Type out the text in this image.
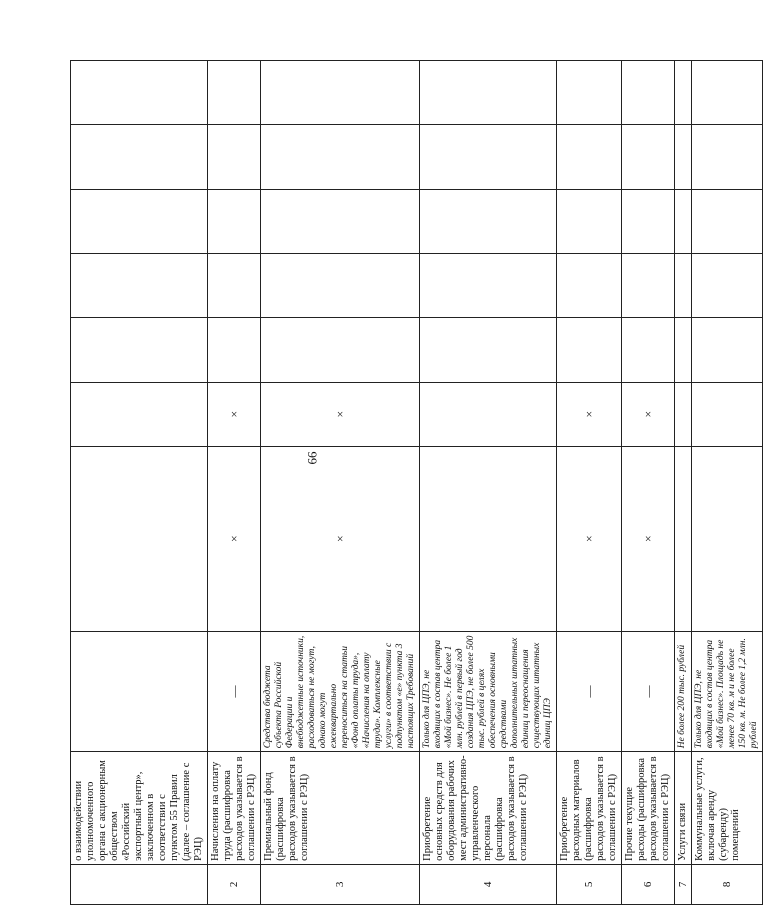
66
	о взаимодействии уполномоченного органа с акционерным обществом «Российский экспортный центр», заключенном в соответствии с пунктом 55 Правил (далее – соглашение с РЭЦ)								
2	Начисления на оплату труда (расшифровка расходов указывается в соглашении с РЭЦ)	—	×	×					
3	Премиальный фонд (расшифровка расходов указывается в соглашении с РЭЦ)	Средства бюджета субъекта Российской Федерации и внебюджетные источники, расходоваться не могут, однако могут ежеквартально переноситься на статьи «Фонд оплаты труда», «Начисления на оплату труда». Комплексные услуги» в соответствии с подпунктом «e» пункта 3 настоящих Требований	×	×					
4	Приобретение основных средств для оборудования рабочих мест административно-управленческого персонала (расшифровка расходов указывается в соглашении с РЭЦ)	Только для ЦПЭ, не входящих в состав центра «Мой бизнес». Не более 1 млн. рублей в первый год создания ЦПЭ, не более 500 тыс. рублей в целях обеспечения основными средствами дополнительных штатных единиц и переоснащения существующих штатных единиц ЦПЭ							
5	Приобретение расходных материалов (расшифровка расходов указывается в соглашении с РЭЦ)	—	×	×					
6	Прочие текущие расходы (расшифровка расходов указывается в соглашении с РЭЦ)	—	×	×					
7	Услуги связи	Не более 200 тыс. рублей							
8	Коммунальные услуги, включая аренду (субаренду) помещений	Только для ЦПЭ, не входящих в состав центра «Мой бизнес». Площадь не менее 70 кв. м и не более 150 кв. м. Не более 1,2 млн. рублей							
